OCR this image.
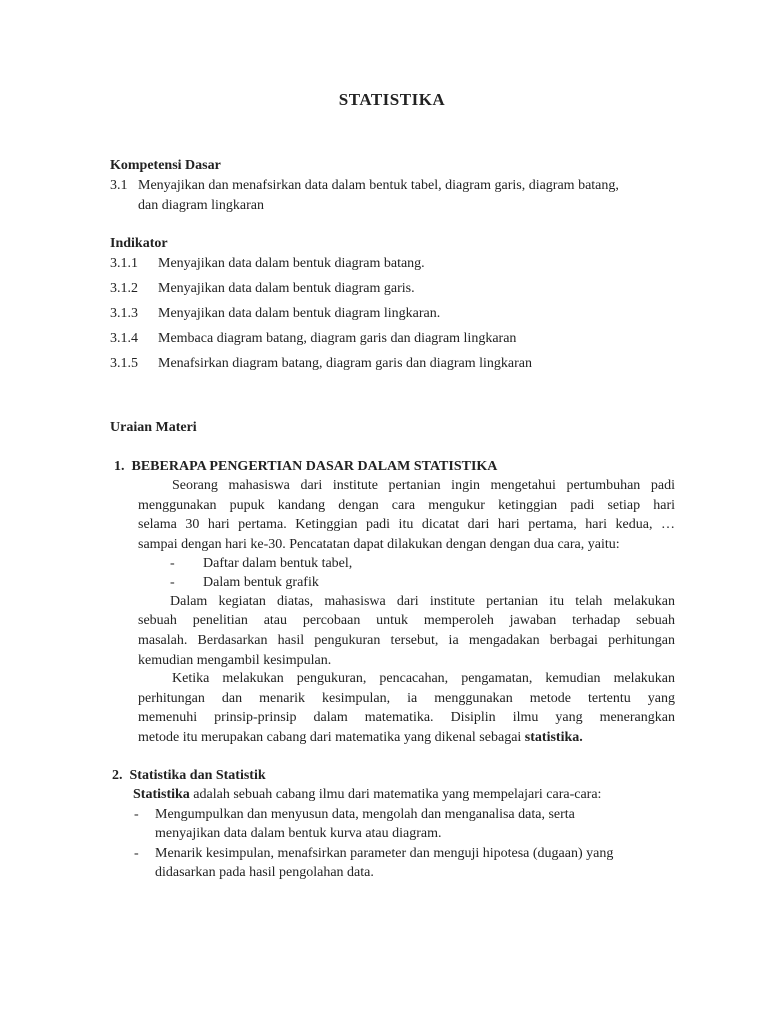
STATISTIKA
Kompetensi Dasar
3.1 Menyajikan dan menafsirkan data dalam bentuk tabel, diagram garis, diagram batang,
dan diagram lingkaran
Indikator
3.1.1 Menyajikan data dalam bentuk diagram batang.
3.1.2 Menyajikan data dalam bentuk diagram garis.
3.1.3 Menyajikan data dalam bentuk diagram lingkaran.
3.1.4 Membaca diagram batang, diagram garis dan diagram lingkaran
3.1.5 Menafsirkan diagram batang, diagram garis dan diagram lingkaran
Uraian Materi
1.  BEBERAPA PENGERTIAN DASAR DALAM STATISTIKA
Seorang mahasiswa dari institute pertanian ingin mengetahui pertumbuhan padi
menggunakan pupuk kandang dengan cara mengukur ketinggian padi setiap hari
selama 30 hari pertama. Ketinggian padi itu dicatat dari hari pertama, hari kedua, …
sampai dengan hari ke-30. Pencatatan dapat dilakukan dengan dengan dua cara, yaitu:
- Daftar dalam bentuk tabel,
- Dalam bentuk grafik
Dalam kegiatan diatas, mahasiswa dari institute pertanian itu telah melakukan
sebuah penelitian atau percobaan untuk memperoleh jawaban terhadap sebuah
masalah. Berdasarkan hasil pengukuran tersebut, ia mengadakan berbagai perhitungan
kemudian mengambil kesimpulan.
Ketika melakukan pengukuran, pencacahan, pengamatan, kemudian melakukan
perhitungan dan menarik kesimpulan, ia menggunakan metode tertentu yang
memenuhi prinsip-prinsip dalam matematika. Disiplin ilmu yang menerangkan
metode itu merupakan cabang dari matematika yang dikenal sebagai statistika.
2.  Statistika dan Statistik
Statistika adalah sebuah cabang ilmu dari matematika yang mempelajari cara-cara:
- Mengumpulkan dan menyusun data, mengolah dan menganalisa data, serta
menyajikan data dalam bentuk kurva atau diagram.
- Menarik kesimpulan, menafsirkan parameter dan menguji hipotesa (dugaan) yang
didasarkan pada hasil pengolahan data.
